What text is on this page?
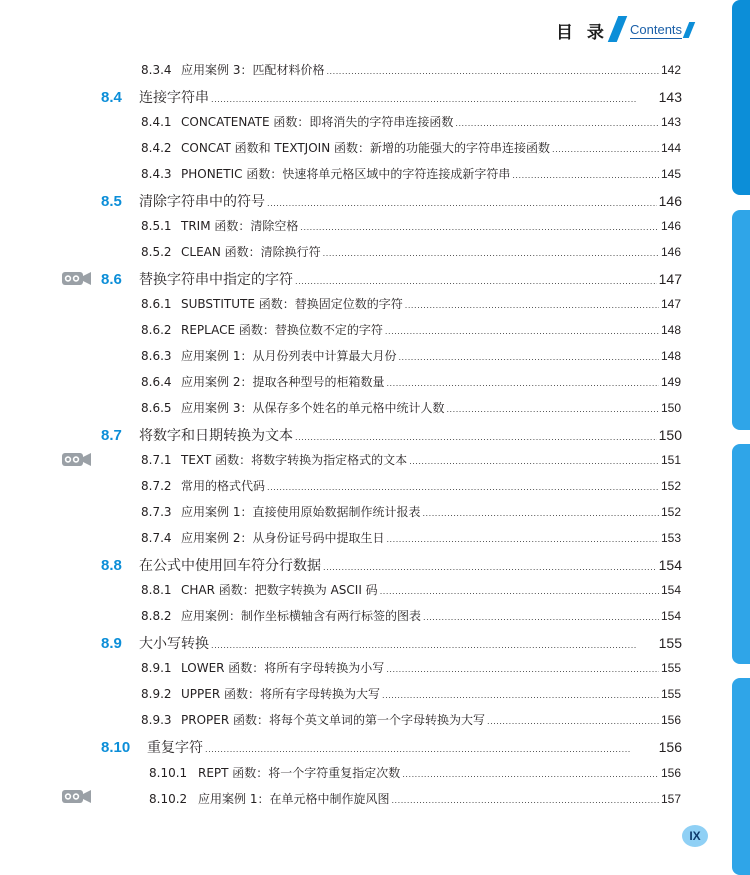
目 录 Contents
8.3.4 应用案例 3：匹配材料价格 . . .	142
8.4	连接字符串 . . .	143
8.4.1 CONCATENATE 函数：即将消失的字符串连接函数 . . .	143
8.4.2 CONCAT 函数和 TEXTJOIN 函数：新增的功能强大的字符串连接函数 . . .	144
8.4.3 PHONETIC 函数：快速将单元格区域中的字符连接成新字符串 . . .	145
8.5	清除字符串中的符号 . . .	146
8.5.1 TRIM 函数：清除空格 . . .	146
8.5.2 CLEAN 函数：清除换行符 . . .	146
8.6	替换字符串中指定的字符 . . .	147
8.6.1 SUBSTITUTE 函数：替换固定位数的字符 . . .	147
8.6.2 REPLACE 函数：替换位数不定的字符 . . .	148
8.6.3 应用案例 1：从月份列表中计算最大月份 . . .	148
8.6.4 应用案例 2：提取各种型号的柜箱数量 . . .	149
8.6.5 应用案例 3：从保存多个姓名的单元格中统计人数 . . .	150
8.7	将数字和日期转换为文本 . . .	150
8.7.1 TEXT 函数：将数字转换为指定格式的文本 . . .	151
8.7.2 常用的格式代码 . . .	152
8.7.3 应用案例 1：直接使用原始数据制作统计报表 . . .	152
8.7.4 应用案例 2：从身份证号码中提取生日 . . .	153
8.8	在公式中使用回车符分行数据 . . .	154
8.8.1 CHAR 函数：把数字转换为 ASCII 码 . . .	154
8.8.2 应用案例：制作坐标横轴含有两行标签的图表 . . .	154
8.9	大小写转换 . . .	155
8.9.1 LOWER 函数：将所有字母转换为小写 . . .	155
8.9.2 UPPER 函数：将所有字母转换为大写 . . .	155
8.9.3 PROPER 函数：将每个英文单词的第一个字母转换为大写 . . .	156
8.10	重复字符 . . .	156
8.10.1 REPT 函数：将一个字符重复指定次数 . . .	156
8.10.2 应用案例 1：在单元格中制作旋风图 . . .	157
IX
